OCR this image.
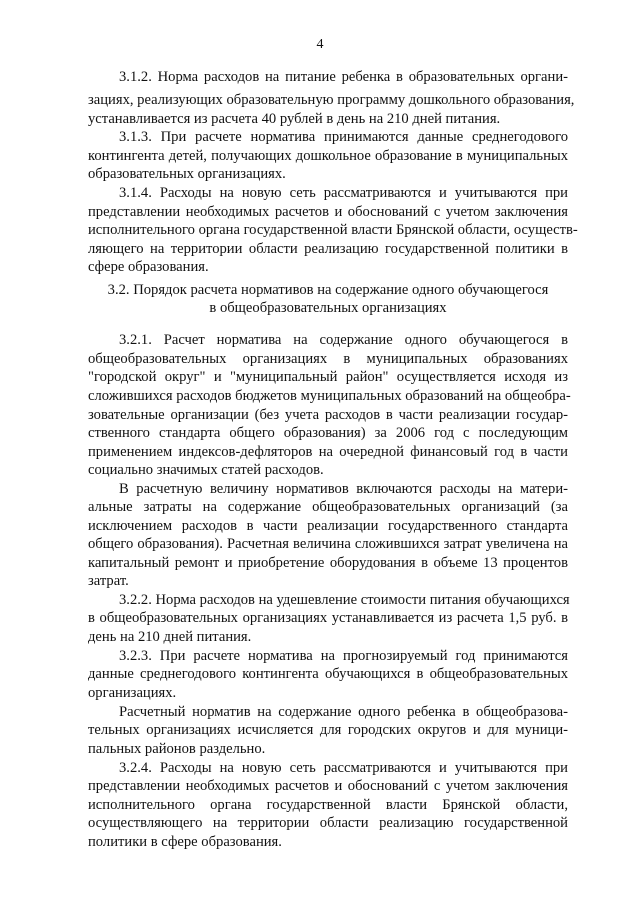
4
3.1.2. Норма расходов на питание ребенка в образовательных органи-
зациях, реализующих образовательную программу дошкольного образования,
устанавливается из расчета 40 рублей в день на 210 дней питания.
3.1.3. При расчете норматива принимаются данные среднегодового
контингента детей, получающих дошкольное образование в муниципальных
образовательных организациях.
3.1.4. Расходы на новую сеть рассматриваются и учитываются при
представлении необходимых расчетов и обоснований с учетом заключения
исполнительного органа государственной власти Брянской области, осуществ-
ляющего на территории области реализацию государственной политики в
сфере образования.
3.2. Порядок расчета нормативов на содержание одного обучающегося
в общеобразовательных организациях
3.2.1. Расчет норматива на содержание одного обучающегося в
общеобразовательных организациях в муниципальных образованиях
"городской округ" и "муниципальный район" осуществляется исходя из
сложившихся расходов бюджетов муниципальных образований на общеобра-
зовательные организации (без учета расходов в части реализации государ-
ственного стандарта общего образования) за 2006 год с последующим
применением индексов-дефляторов на очередной финансовый год в части
социально значимых статей расходов.
В расчетную величину нормативов включаются расходы на матери-
альные затраты на содержание общеобразовательных организаций (за
исключением расходов в части реализации государственного стандарта
общего образования). Расчетная величина сложившихся затрат увеличена на
капитальный ремонт и приобретение оборудования в объеме 13 процентов
затрат.
3.2.2. Норма расходов на удешевление стоимости питания обучающихся
в общеобразовательных организациях устанавливается из расчета 1,5 руб. в
день на 210 дней питания.
3.2.3. При расчете норматива на прогнозируемый год принимаются
данные среднегодового контингента обучающихся в общеобразовательных
организациях.
Расчетный норматив на содержание одного ребенка в общеобразова-
тельных организациях исчисляется для городских округов и для муници-
пальных районов раздельно.
3.2.4. Расходы на новую сеть рассматриваются и учитываются при
представлении необходимых расчетов и обоснований с учетом заключения
исполнительного органа государственной власти Брянской области,
осуществляющего на территории области реализацию государственной
политики в сфере образования.
